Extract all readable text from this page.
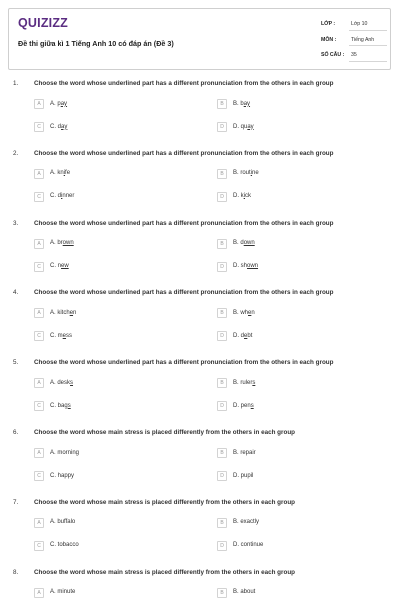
QUIZIZZ
Đề thi giữa kì 1 Tiếng Anh 10 có đáp án (Đề 3)
LỚP :	Lớp 10
MÔN :	Tiếng Anh
SỐ CÂU : 35
1. Choose the word whose underlined part has a different pronunciation from the others in each group
A	A. pay	B	B. bay
C	C. day	D	D. quay
2. Choose the word whose underlined part has a different pronunciation from the others in each group
A	A. knife	B	B. routine
C	C. dinner	D	D. kick
3. Choose the word whose underlined part has a different pronunciation from the others in each group
A	A. brown	B	B. down
C	C. new	D	D. shown
4. Choose the word whose underlined part has a different pronunciation from the others in each group
A	A. kitchen	B	B. when
C	C. mess	D	D. debt
5. Choose the word whose underlined part has a different pronunciation from the others in each group
A	A. desks	B	B. rulers
C	C. bags	D	D. pens
6. Choose the word whose main stress is placed differently from the others in each group
A	A. morning	B	B. repair
C	C. happy	D	D. pupil
7. Choose the word whose main stress is placed differently from the others in each group
A	A. buffalo	B	B. exactly
C	C. tobacco	D	D. continue
8. Choose the word whose main stress is placed differently from the others in each group
A	A. minute	B	B. about
